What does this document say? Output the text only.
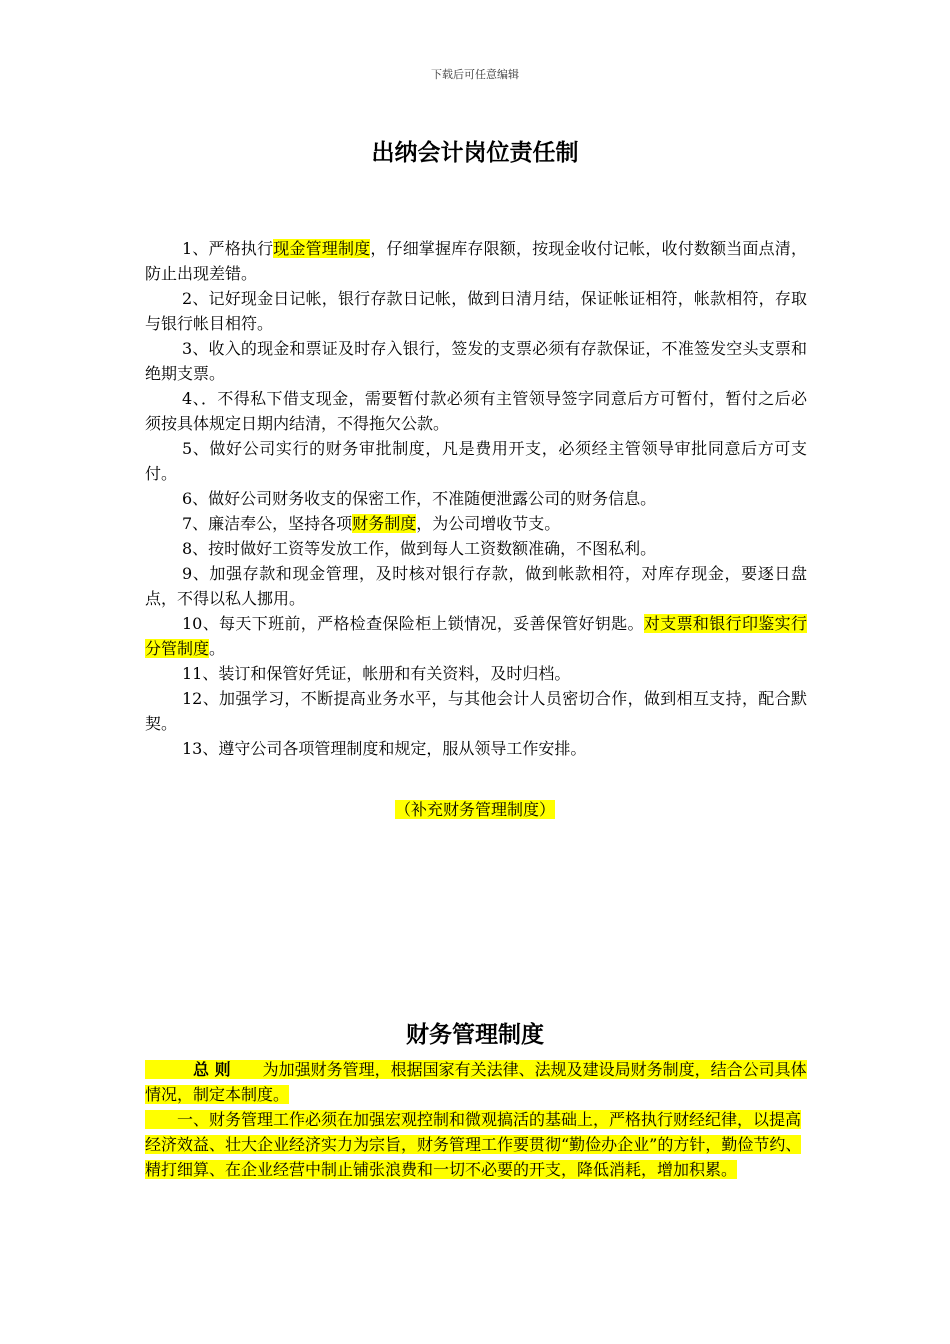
下载后可任意编辑
出纳会计岗位责任制

1、严格执行现金管理制度，仔细掌握库存限额，按现金收付记帐，收付数额当面点清，防止出现差错。

2、记好现金日记帐，银行存款日记帐，做到日清月结，保证帐证相符，帐款相符，存取与银行帐目相符。

3、收入的现金和票证及时存入银行，签发的支票必须有存款保证，不准签发空头支票和绝期支票。

4、．不得私下借支现金，需要暂付款必须有主管领导签字同意后方可暂付，暂付之后必须按具体规定日期内结清，不得拖欠公款。

5、做好公司实行的财务审批制度，凡是费用开支，必须经主管领导审批同意后方可支付。

6、做好公司财务收支的保密工作，不准随便泄露公司的财务信息。

7、廉洁奉公，坚持各项财务制度，为公司增收节支。

8、按时做好工资等发放工作，做到每人工资数额准确，不图私利。

9、加强存款和现金管理，及时核对银行存款，做到帐款相符，对库存现金，要逐日盘点，不得以私人挪用。

10、每天下班前，严格检查保险柜上锁情况，妥善保管好钥匙。对支票和银行印鉴实行分管制度。

11、装订和保管好凭证，帐册和有关资料，及时归档。

12、加强学习，不断提高业务水平，与其他会计人员密切合作，做到相互支持，配合默契。

13、遵守公司各项管理制度和规定，服从领导工作安排。

（补充财务管理制度）
财务管理制度

　　　总 则　　 为加强财务管理，根据国家有关法律、法规及建设局财务制度，结合公司具体情况，制定本制度。

　　一、财务管理工作必须在加强宏观控制和微观搞活的基础上，严格执行财经纪律，以提高经济效益、壮大企业经济实力为宗旨，财务管理工作要贯彻“勤俭办企业”的方针，勤俭节约、精打细算、在企业经营中制止铺张浪费和一切不必要的开支，降低消耗，增加积累。
